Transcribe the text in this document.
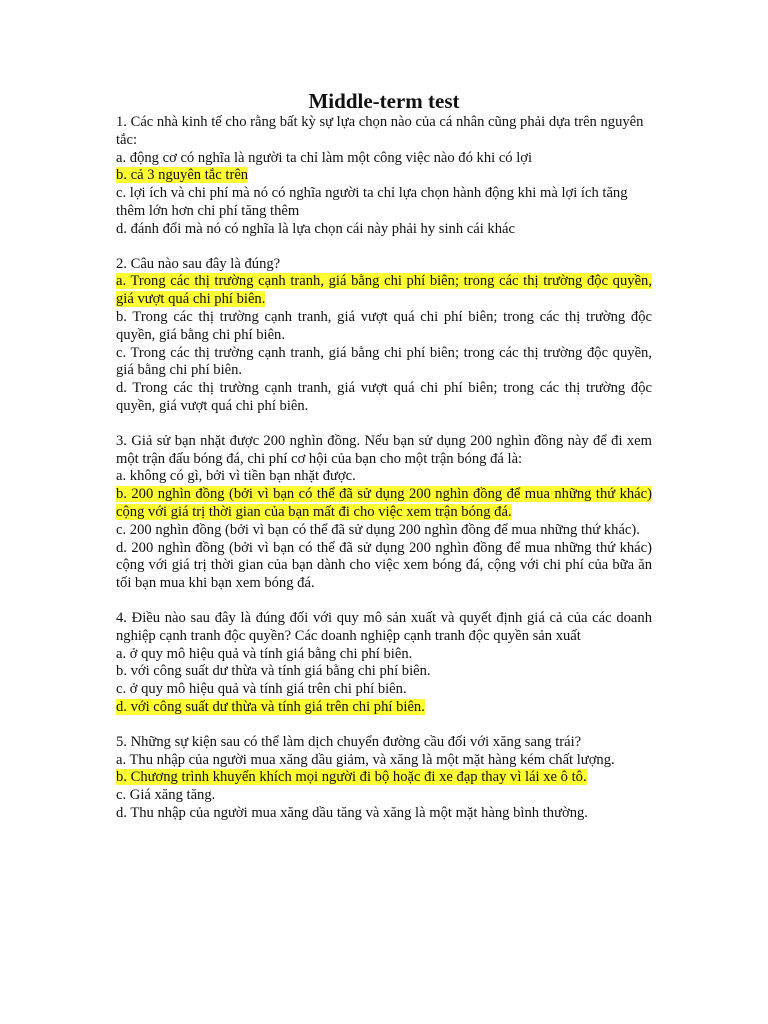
Middle-term test

1. Các nhà kinh tế cho rằng bất kỳ sự lựa chọn nào của cá nhân cũng phải dựa trên nguyên tắc:

a. động cơ có nghĩa là người ta chỉ làm một công việc nào đó khi có lợi

b. cả 3 nguyên tắc trên

c. lợi ích và chi phí mà nó có nghĩa người ta chỉ lựa chọn hành động khi mà lợi ích tăng thêm lớn hơn chi phí tăng thêm

d. đánh đổi mà nó có nghĩa là lựa chọn cái này phải hy sinh cái khác

2. Câu nào sau đây là đúng?

a. Trong các thị trường cạnh tranh, giá bằng chi phí biên; trong các thị trường độc quyền, giá vượt quá chi phí biên.

b. Trong các thị trường cạnh tranh, giá vượt quá chi phí biên; trong các thị trường độc quyền, giá bằng chi phí biên.

c. Trong các thị trường cạnh tranh, giá bằng chi phí biên; trong các thị trường độc quyền, giá bằng chi phí biên.

d. Trong các thị trường cạnh tranh, giá vượt quá chi phí biên; trong các thị trường độc quyền, giá vượt quá chi phí biên.

3. Giả sử bạn nhặt được 200 nghìn đồng. Nếu bạn sử dụng 200 nghìn đồng này để đi xem một trận đấu bóng đá, chi phí cơ hội của bạn cho một trận bóng đá là:

a. không có gì, bởi vì tiền bạn nhặt được.

b. 200 nghìn đồng (bởi vì bạn có thể đã sử dụng 200 nghìn đồng để mua những thứ khác) cộng với giá trị thời gian của bạn mất đi cho việc xem trận bóng đá.

c. 200 nghìn đồng (bởi vì bạn có thể đã sử dụng 200 nghìn đồng để mua những thứ khác).

d. 200 nghìn đồng (bởi vì bạn có thể đã sử dụng 200 nghìn đồng để mua những thứ khác) cộng với giá trị thời gian của bạn dành cho việc xem bóng đá, cộng với chi phí của bữa ăn tối bạn mua khi bạn xem bóng đá.

4. Điều nào sau đây là đúng đối với quy mô sản xuất và quyết định giá cả của các doanh nghiệp cạnh tranh độc quyền? Các doanh nghiệp cạnh tranh độc quyền sản xuất

a. ở quy mô hiệu quả và tính giá bằng chi phí biên.

b. với công suất dư thừa và tính giá bằng chi phí biên.

c. ở quy mô hiệu quả và tính giá trên chi phí biên.

d. với công suất dư thừa và tính giá trên chi phí biên.

5. Những sự kiện sau có thể làm dịch chuyển đường cầu đối với xăng sang trái?

a. Thu nhập của người mua xăng dầu giảm, và xăng là một mặt hàng kém chất lượng.

b. Chương trình khuyến khích mọi người đi bộ hoặc đi xe đạp thay vì lái xe ô tô.

c. Giá xăng tăng.

d. Thu nhập của người mua xăng dầu tăng và xăng là một mặt hàng bình thường.
